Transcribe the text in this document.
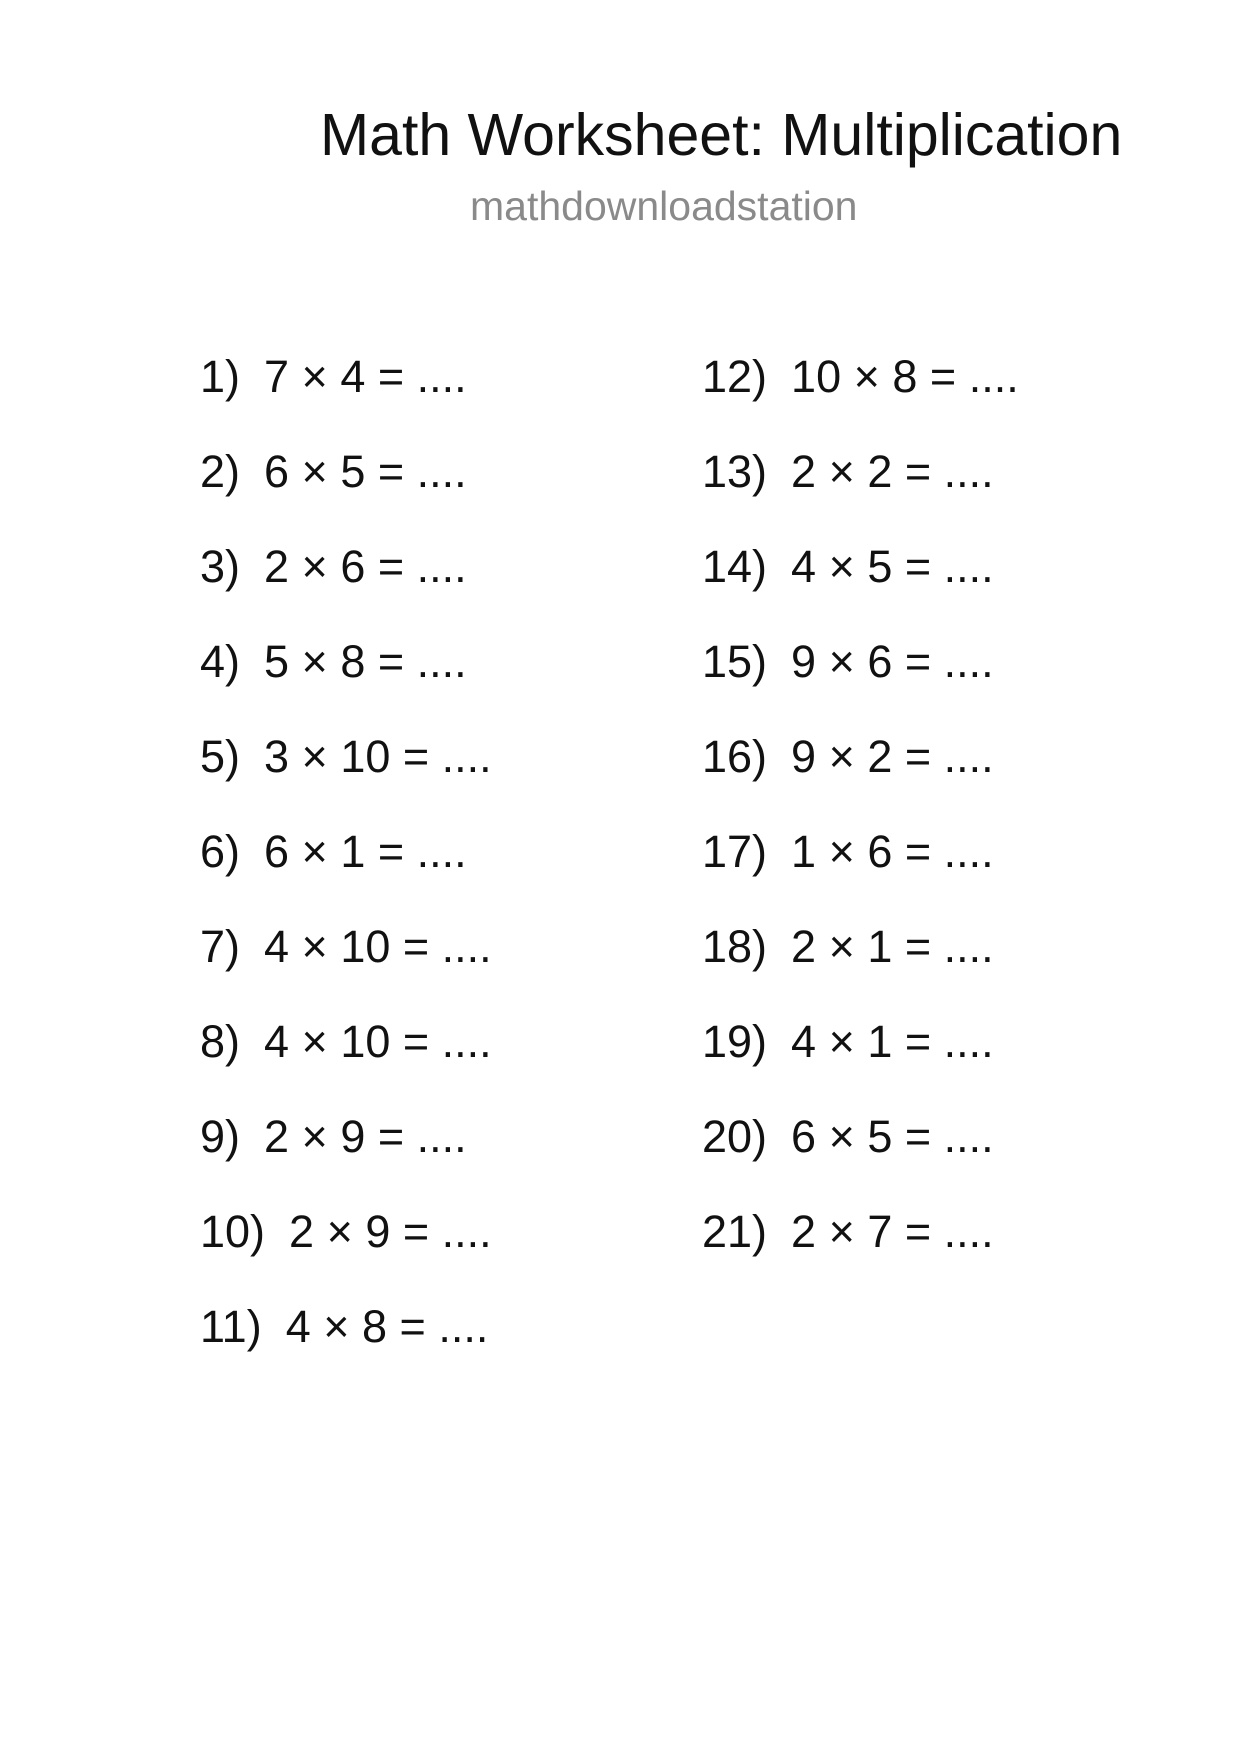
Math Worksheet: Multiplication
mathdownloadstation
1) 7 × 4 = ....
2) 6 × 5 = ....
3) 2 × 6 = ....
4) 5 × 8 = ....
5) 3 × 10 = ....
6) 6 × 1 = ....
7) 4 × 10 = ....
8) 4 × 10 = ....
9) 2 × 9 = ....
10) 2 × 9 = ....
11) 4 × 8 = ....
12) 10 × 8 = ....
13) 2 × 2 = ....
14) 4 × 5 = ....
15) 9 × 6 = ....
16) 9 × 2 = ....
17) 1 × 6 = ....
18) 2 × 1 = ....
19) 4 × 1 = ....
20) 6 × 5 = ....
21) 2 × 7 = ....
